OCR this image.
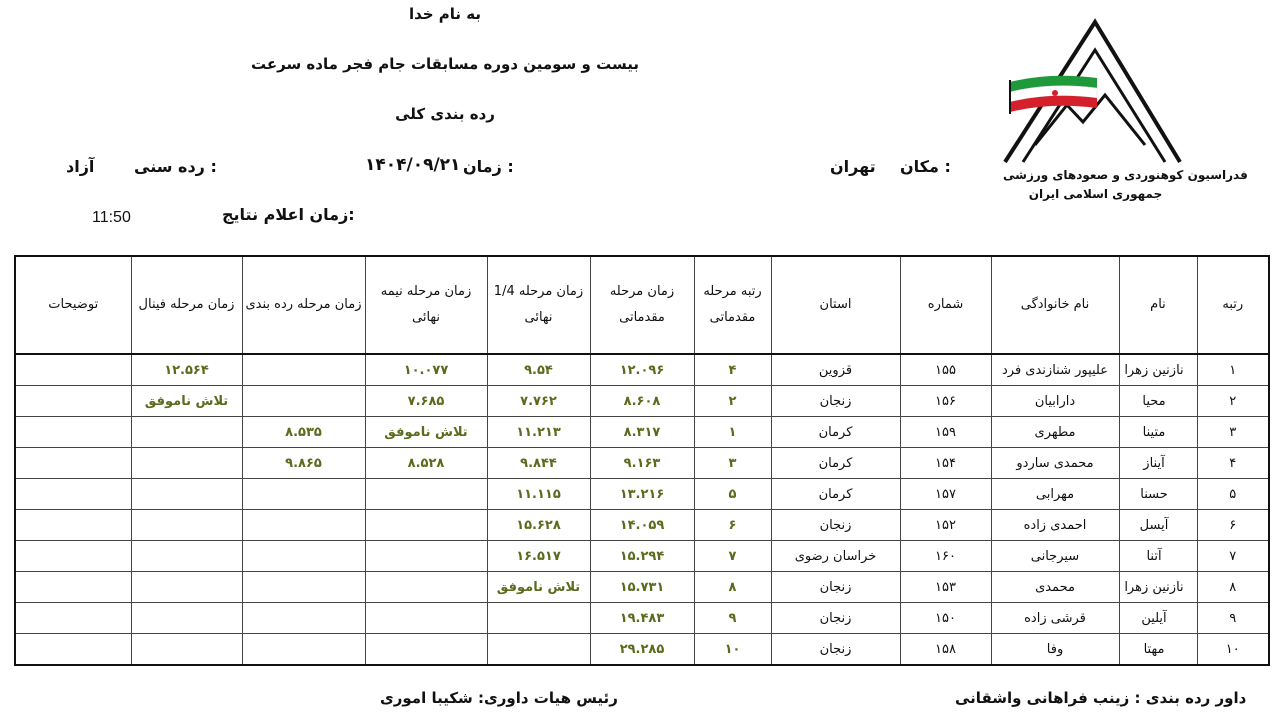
به نام خدا
بیست و سومین دوره مسابقات جام فجر ماده سرعت
رده بندی کلی
مکان :
تهران
زمان :
۱۴۰۴/۰۹/۲۱
رده سنی :
آزاد
زمان اعلام نتایج:
11:50
فدراسیون کوهنوردی و صعودهای ورزشی
جمهوری اسلامی ایران
رتبه	نام	نام خانوادگی	شماره	استان	رتبه مرحله مقدماتی	زمان مرحله مقدماتی	زمان مرحله 1/4 نهائی	زمان مرحله نیمه نهائی	زمان مرحله رده بندی	زمان مرحله فینال	توضیحات
۱	نازنین زهرا	علیپور شنازندی فرد	۱۵۵	قزوین	۴	۱۲.۰۹۶	۹.۵۴	۱۰.۰۷۷		۱۲.۵۶۴	
۲	محیا	دارابیان	۱۵۶	زنجان	۲	۸.۶۰۸	۷.۷۶۲	۷.۶۸۵		تلاش ناموفق	
۳	متینا	مطهری	۱۵۹	کرمان	۱	۸.۳۱۷	۱۱.۲۱۳	تلاش ناموفق	۸.۵۳۵		
۴	آیناز	محمدی ساردو	۱۵۴	کرمان	۳	۹.۱۶۳	۹.۸۴۴	۸.۵۲۸	۹.۸۶۵		
۵	حسنا	مهرابی	۱۵۷	کرمان	۵	۱۳.۲۱۶	۱۱.۱۱۵				
۶	آیسل	احمدی زاده	۱۵۲	زنجان	۶	۱۴.۰۵۹	۱۵.۶۲۸				
۷	آتنا	سیرجانی	۱۶۰	خراسان رضوی	۷	۱۵.۲۹۴	۱۶.۵۱۷				
۸	نازنین زهرا	محمدی	۱۵۳	زنجان	۸	۱۵.۷۳۱	تلاش ناموفق				
۹	آیلین	قرشی زاده	۱۵۰	زنجان	۹	۱۹.۴۸۳					
۱۰	مهتا	وفا	۱۵۸	زنجان	۱۰	۲۹.۲۸۵					
داور رده بندی : زینب فراهانی واشقانی
رئیس هیات داوری: شکیبا اموری
